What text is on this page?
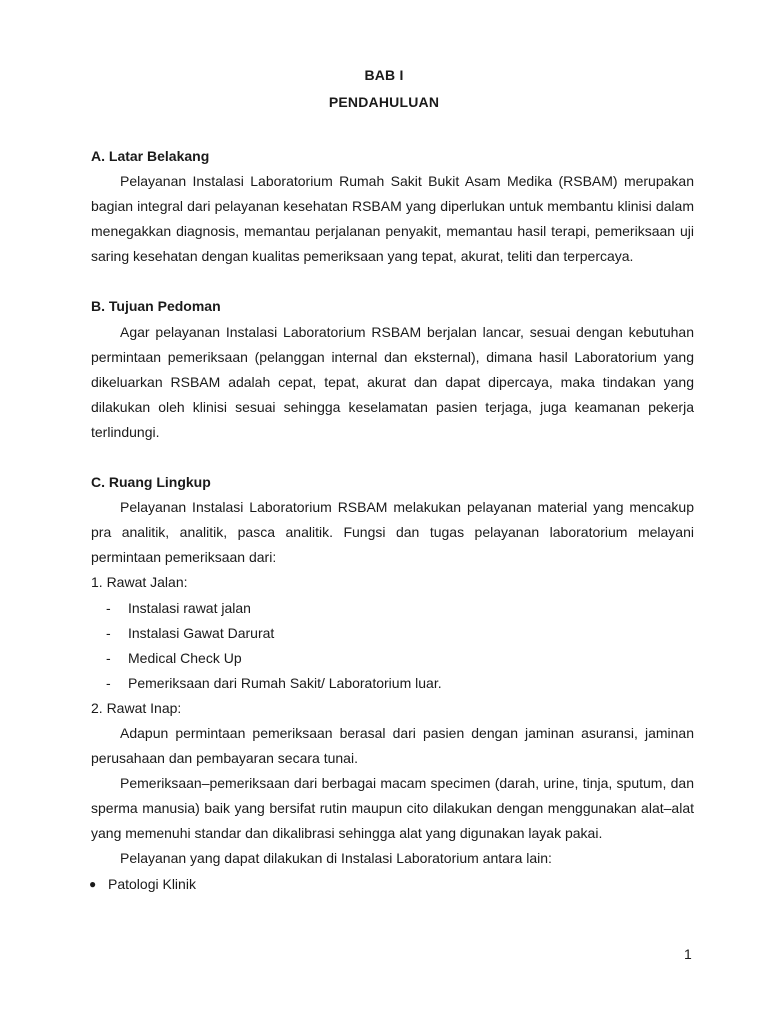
BAB I
PENDAHULUAN

A. Latar Belakang

Pelayanan Instalasi Laboratorium Rumah Sakit Bukit Asam Medika (RSBAM) merupakan bagian integral dari pelayanan kesehatan RSBAM yang diperlukan untuk membantu klinisi dalam menegakkan diagnosis, memantau perjalanan penyakit, memantau hasil terapi, pemeriksaan uji saring kesehatan dengan kualitas pemeriksaan yang tepat, akurat, teliti dan terpercaya.

B. Tujuan Pedoman

Agar pelayanan Instalasi Laboratorium RSBAM berjalan lancar, sesuai dengan kebutuhan permintaan pemeriksaan (pelanggan internal dan eksternal), dimana hasil Laboratorium yang dikeluarkan RSBAM adalah cepat, tepat, akurat dan dapat dipercaya, maka tindakan yang dilakukan oleh klinisi sesuai sehingga keselamatan pasien terjaga, juga keamanan pekerja terlindungi.

C. Ruang Lingkup

Pelayanan Instalasi Laboratorium RSBAM melakukan pelayanan material yang mencakup pra analitik, analitik, pasca analitik. Fungsi dan tugas pelayanan laboratorium melayani permintaan pemeriksaan dari:

1. Rawat Jalan:

- Instalasi rawat jalan
- Instalasi Gawat Darurat
- Medical Check Up
- Pemeriksaan dari Rumah Sakit/ Laboratorium luar.

2. Rawat Inap:

Adapun permintaan pemeriksaan berasal dari pasien dengan jaminan asuransi, jaminan perusahaan dan pembayaran secara tunai.

Pemeriksaan–pemeriksaan dari berbagai macam specimen (darah, urine, tinja, sputum, dan sperma manusia) baik yang bersifat rutin maupun cito dilakukan dengan menggunakan alat–alat yang memenuhi standar dan dikalibrasi sehingga alat yang digunakan layak pakai.

Pelayanan yang dapat dilakukan di Instalasi Laboratorium antara lain:

● Patologi Klinik
1
